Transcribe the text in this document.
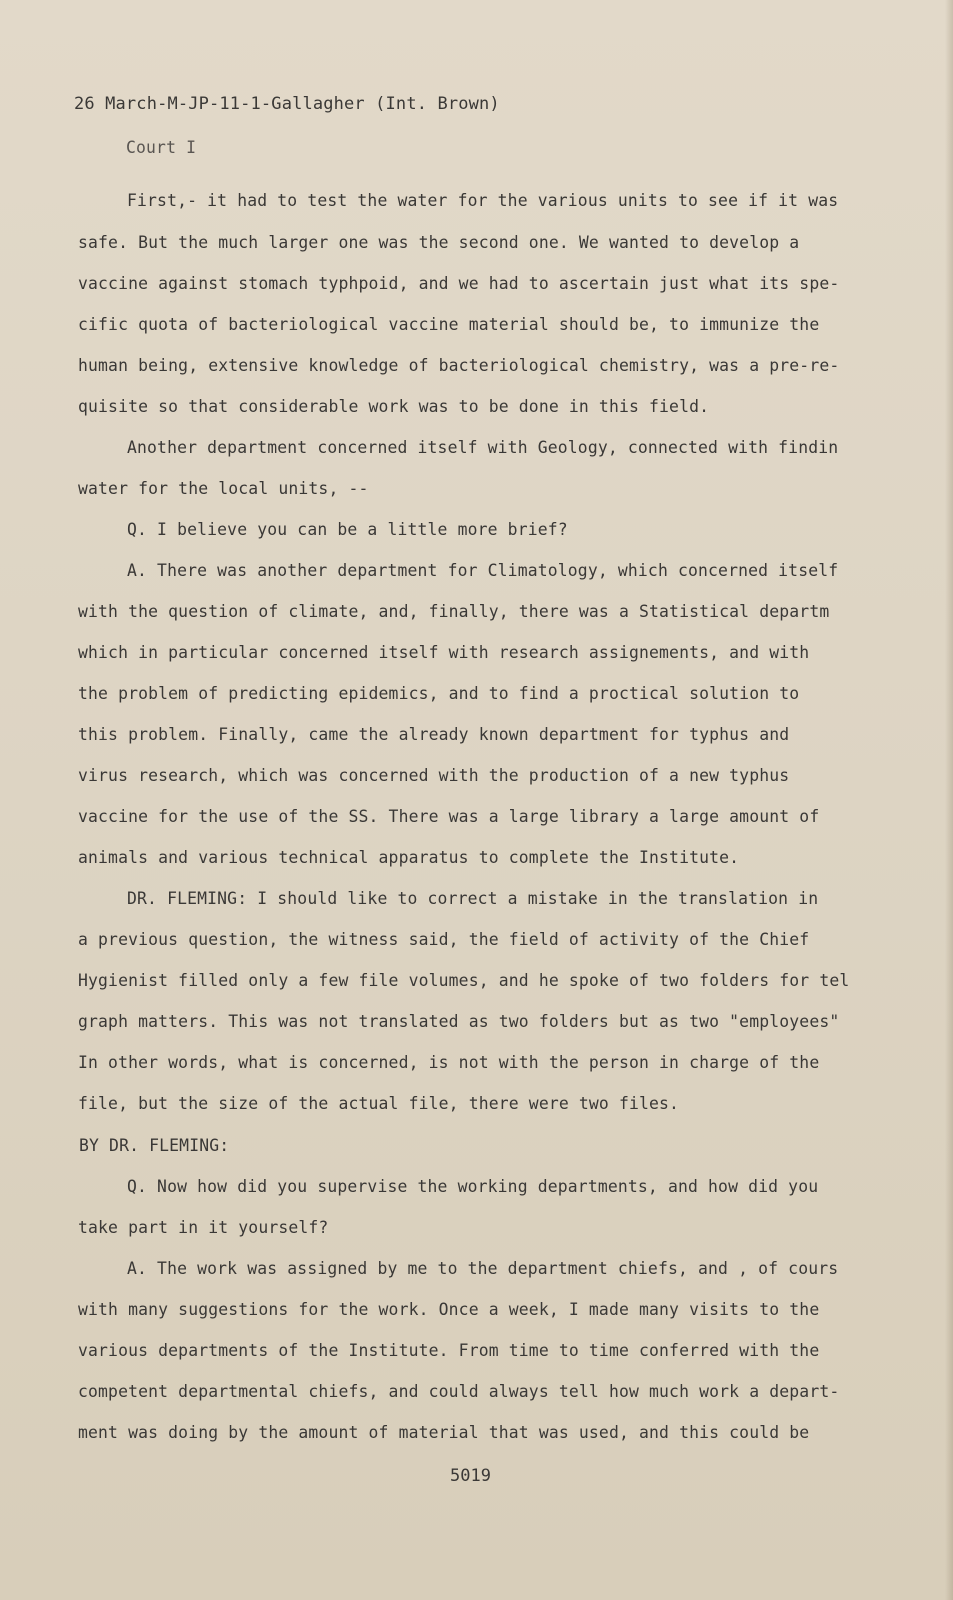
26 March-M-JP-11-1-Gallagher (Int. Brown)
Court I
First,- it had to test the water for the various units to see if it was
safe. But the much larger one was the second one. We wanted to develop a
vaccine against stomach typhpoid, and we had to ascertain just what its spe-
cific quota of bacteriological vaccine material should be, to immunize the
human being, extensive knowledge of bacteriological chemistry, was a pre-re-
quisite so that considerable work was to be done in this field.
Another department concerned itself with Geology, connected with findin
water for the local units, --
Q. I believe you can be a little more brief?
A. There was another department for Climatology, which concerned itself
with the question of climate, and, finally, there was a Statistical departm
which in particular concerned itself with research assignements, and with
the problem of predicting epidemics, and to find a proctical solution to
this problem. Finally, came the already known department for typhus and
virus research, which was concerned with the production of a new typhus
vaccine for the use of the SS. There was a large library a large amount of
animals and various technical apparatus to complete the Institute.
DR. FLEMING: I should like to correct a mistake in the translation in
a previous question, the witness said, the field of activity of the Chief
Hygienist filled only a few file volumes, and he spoke of two folders for tel
graph matters. This was not translated as two folders but as two "employees"
In other words, what is concerned, is not with the person in charge of the
file, but the size of the actual file, there were two files.
BY DR. FLEMING:
Q. Now how did you supervise the working departments, and how did you
take part in it yourself?
A. The work was assigned by me to the department chiefs, and , of cours
with many suggestions for the work. Once a week, I made many visits to the
various departments of the Institute. From time to time conferred with the
competent departmental chiefs, and could always tell how much work a depart-
ment was doing by the amount of material that was used, and this could be
5019
